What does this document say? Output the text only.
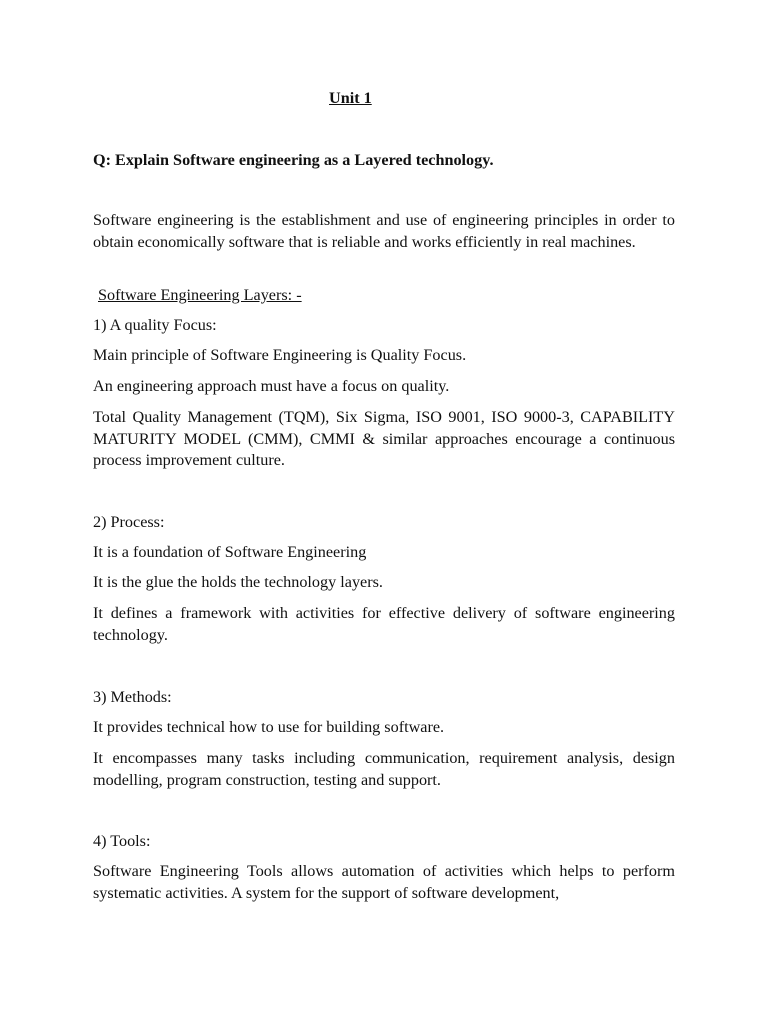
Unit 1
Q: Explain Software engineering as a Layered technology.

Software engineering is the establishment and use of engineering principles in order to obtain economically software that is reliable and works efficiently in real machines.

Software Engineering Layers: -
1) A quality Focus:

Main principle of Software Engineering is Quality Focus.

An engineering approach must have a focus on quality.

Total Quality Management (TQM), Six Sigma, ISO 9001, ISO 9000-3, CAPABILITY MATURITY MODEL (CMM), CMMI & similar approaches encourage a continuous process improvement culture.

2) Process:

It is a foundation of Software Engineering

It is the glue the holds the technology layers.

It defines a framework with activities for effective delivery of software engineering technology.

3) Methods:

It provides technical how to use for building software.

It encompasses many tasks including communication, requirement analysis, design modelling, program construction, testing and support.

4) Tools:

Software Engineering Tools allows automation of activities which helps to perform systematic activities. A system for the support of software development,
